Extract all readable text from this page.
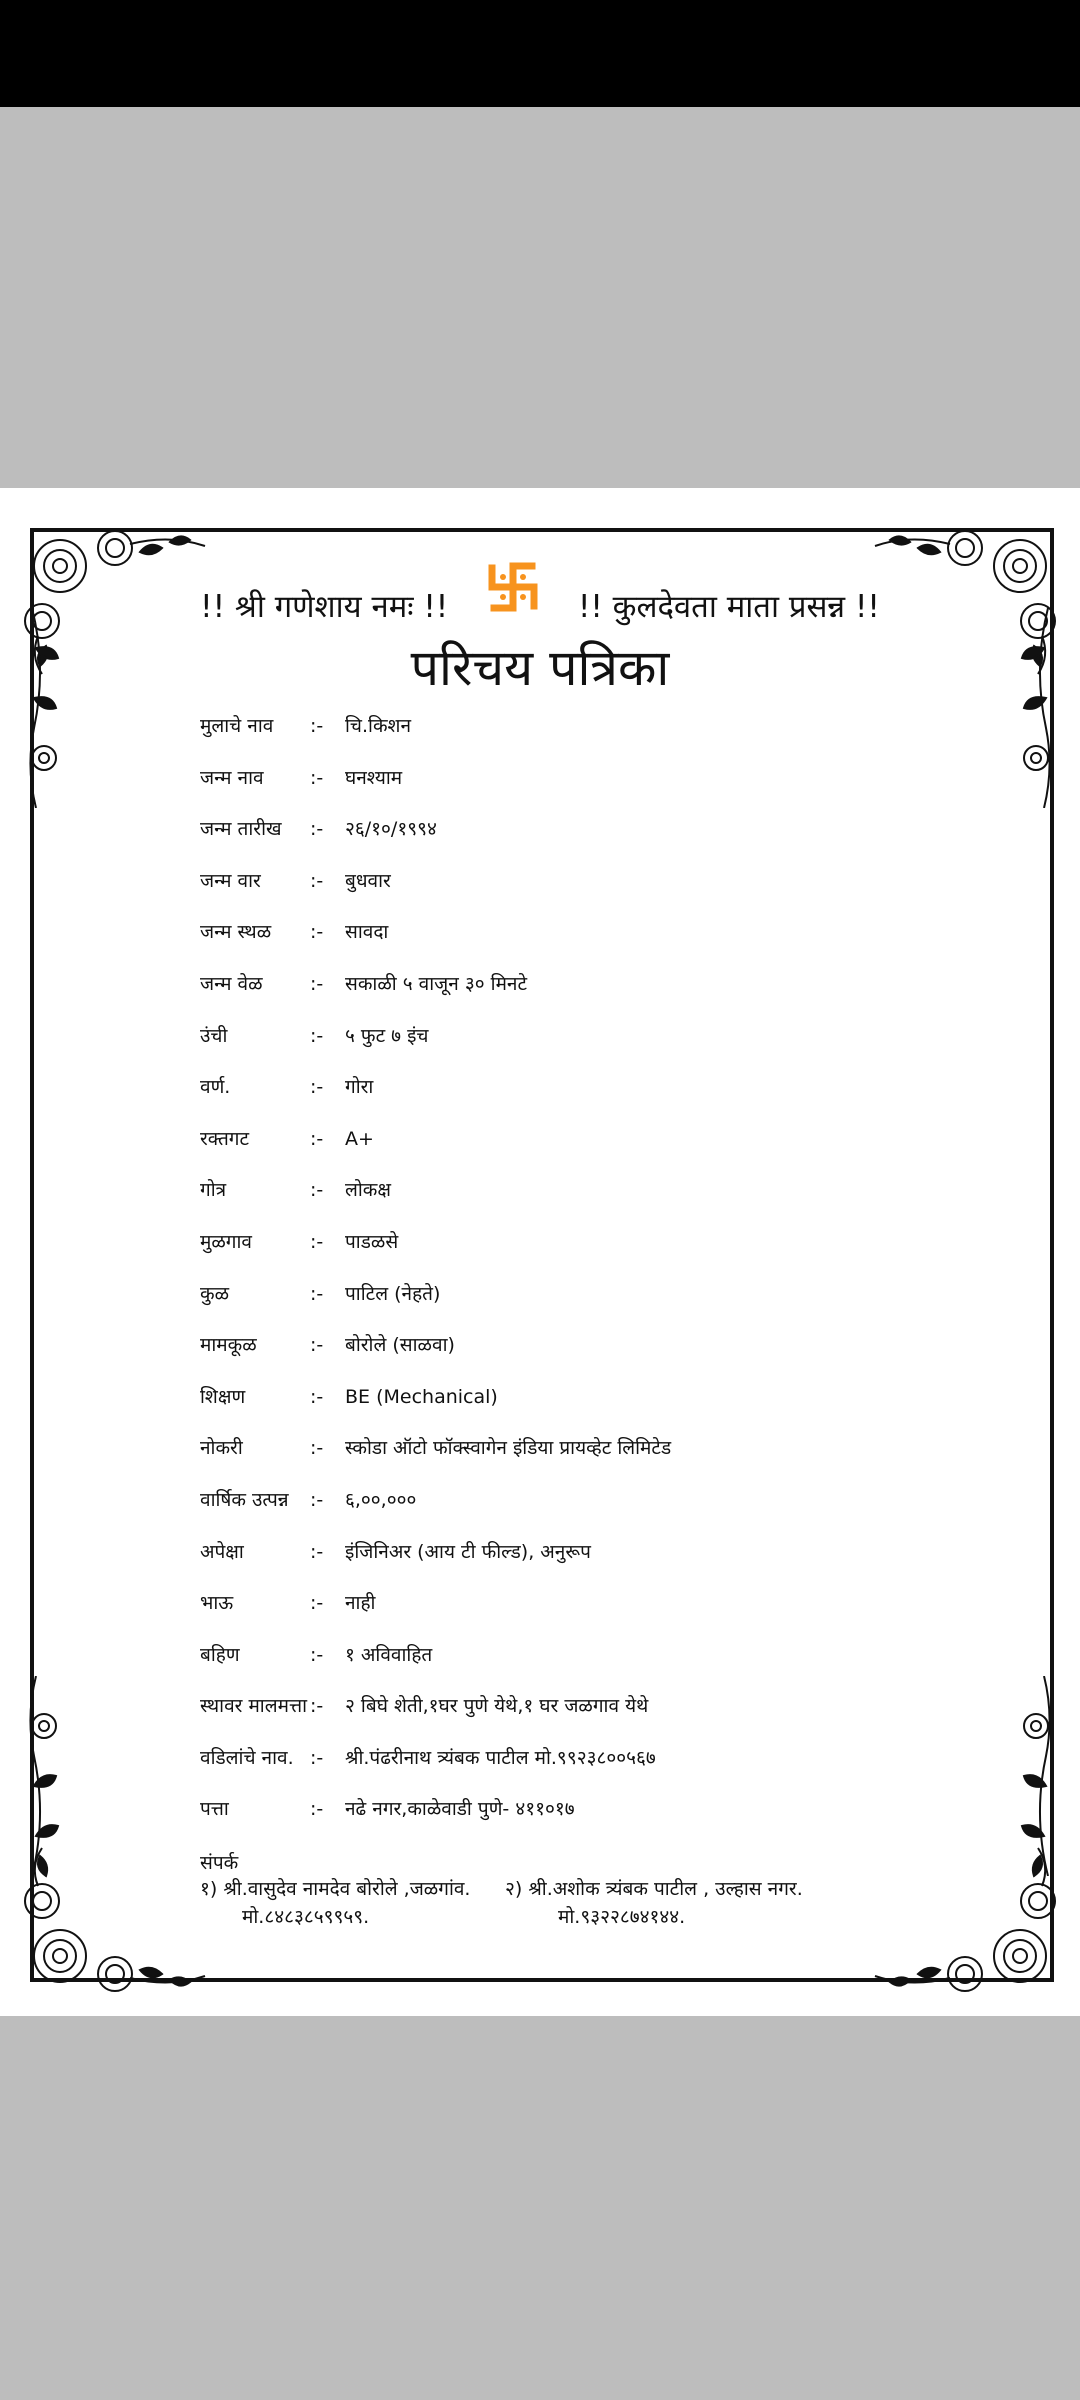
!! श्री गणेशाय नमः !!	!! कुलदेवता माता प्रसन्न !!
परिचय पत्रिका
मुलाचे नाव	:- चि.किशन
जन्म नाव	:- घनश्याम
जन्म तारीख	:- २६/१०/१९९४
जन्म वार	:- बुधवार
जन्म स्थळ	:- सावदा
जन्म वेळ	:- सकाळी ५ वाजून ३० मिनटे
उंची	:- ५ फुट ७ इंच
वर्ण.	:- गोरा
रक्तगट	:- A+
गोत्र	:- लोकक्ष
मुळगाव	:- पाडळसे
कुळ	:- पाटिल (नेहते)
मामकूळ	:- बोरोले (साळवा)
शिक्षण	:- BE (Mechanical)
नोकरी	:- स्कोडा ऑटो फॉक्स्वागेन इंडिया प्रायव्हेट लिमिटेड
वार्षिक उत्पन्न	:- ६,००,०००
अपेक्षा	:- इंजिनिअर (आय टी फील्ड), अनुरूप
भाऊ	:- नाही
बहिण	:- १ अविवाहित
स्थावर मालमत्ता :- २ बिघे शेती,१घर पुणे येथे,१ घर जळगाव येथे
वडिलांचे नाव. :- श्री.पंढरीनाथ त्र्यंबक पाटील मो.९९२३८००५६७
पत्ता	:- नढे नगर,काळेवाडी पुणे- ४११०१७
संपर्क
१) श्री.वासुदेव नामदेव बोरोले ,जळगांव.
मो.८४८३८५९९५९.
२) श्री.अशोक त्र्यंबक पाटील , उल्हास नगर.
मो.९३२२८७४१४४.
